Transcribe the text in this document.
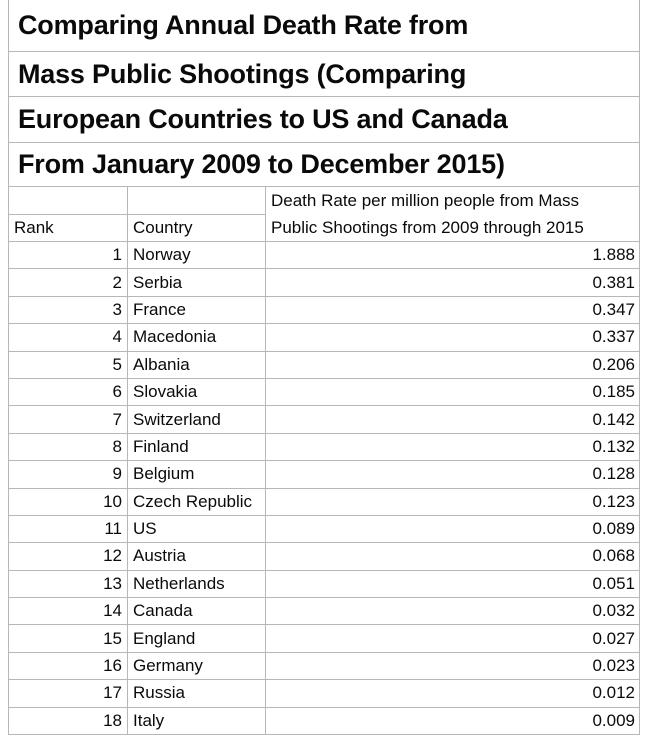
Comparing Annual Death Rate from
Mass Public Shootings (Comparing
European Countries to US and Canada
From January 2009 to December 2015)
Rank	Country
Death Rate per million people from Mass
Public Shootings from 2009 through 2015
1 Norway	1.888
2 Serbia	0.381
3 France	0.347
4 Macedonia	0.337
5 Albania	0.206
6 Slovakia	0.185
7 Switzerland	0.142
8 Finland	0.132
9 Belgium	0.128
10 Czech Republic	0.123
11 US	0.089
12 Austria	0.068
13 Netherlands	0.051
14 Canada	0.032
15 England	0.027
16 Germany	0.023
17 Russia	0.012
18 Italy	0.009
